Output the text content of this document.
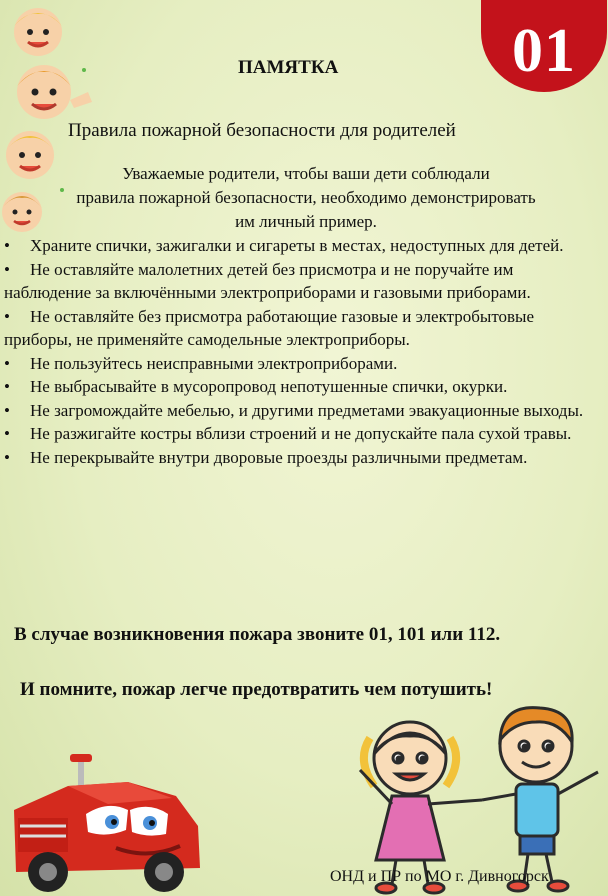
01
ПАМЯТКА
Правила пожарной безопасности для родителей
Уважаемые родители, чтобы ваши дети соблюдали
правила пожарной безопасности, необходимо демонстрировать
им личный пример.
• Храните спички, зажигалки и сигареты в местах, недоступных для детей.
• Не оставляйте малолетних детей без присмотра и не поручайте им наблюдение за включёнными электроприборами и газовыми приборами.
• Не оставляйте без присмотра работающие газовые и электробытовые приборы, не применяйте самодельные электроприборы.
• Не пользуйтесь неисправными электроприборами.
• Не выбрасывайте в мусоропровод непотушенные спички, окурки.
• Не загромождайте мебелью, и другими предметами эвакуационные выходы.
• Не разжигайте костры вблизи строений и не допускайте пала сухой травы.
• Не перекрывайте внутри дворовые проезды различными предметам.
В случае возникновения пожара звоните 01, 101 или 112.
И помните, пожар легче предотвратить чем потушить!
ОНД и ПР по МО г. Дивногорск
